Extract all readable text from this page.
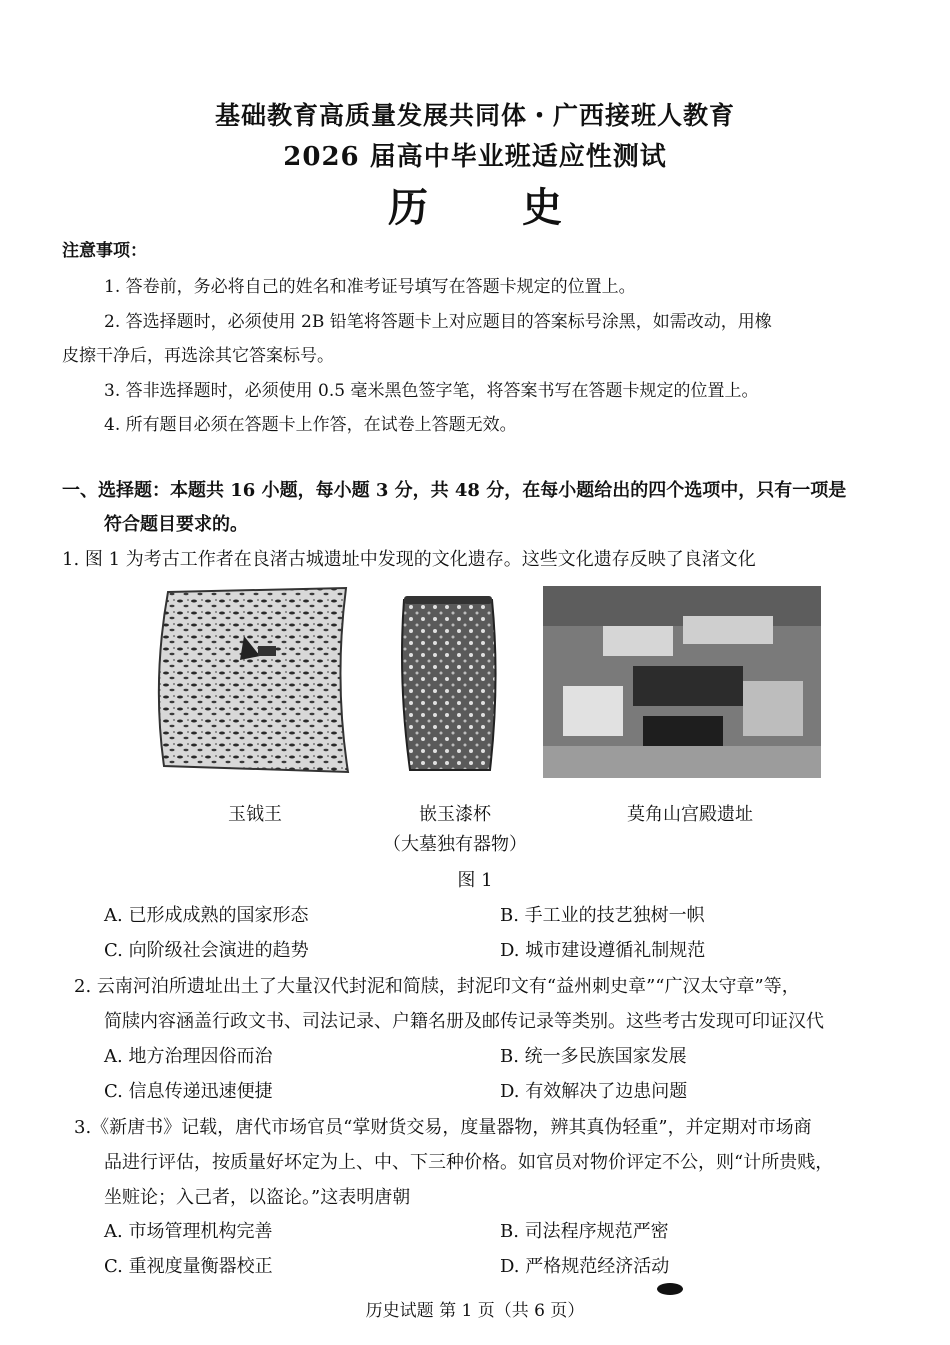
基础教育高质量发展共同体・广西接班人教育
2026 届高中毕业班适应性测试
历 史
注意事项：
1. 答卷前，务必将自己的姓名和准考证号填写在答题卡规定的位置上。
2. 答选择题时，必须使用 2B 铅笔将答题卡上对应题目的答案标号涂黑，如需改动，用橡
皮擦干净后，再选涂其它答案标号。
3. 答非选择题时，必须使用 0.5 毫米黑色签字笔，将答案书写在答题卡规定的位置上。
4. 所有题目必须在答题卡上作答，在试卷上答题无效。
一、选择题：本题共 16 小题，每小题 3 分，共 48 分，在每小题给出的四个选项中，只有一项是
符合题目要求的。
1. 图 1 为考古工作者在良渚古城遗址中发现的文化遗存。这些文化遗存反映了良渚文化
玉钺王	嵌玉漆杯
（大墓独有器物）
莫角山宫殿遗址
图 1
A. 已形成成熟的国家形态	B. 手工业的技艺独树一帜
C. 向阶级社会演进的趋势	D. 城市建设遵循礼制规范
2. 云南河泊所遗址出土了大量汉代封泥和简牍，封泥印文有“益州刺史章”“广汉太守章”等，
简牍内容涵盖行政文书、司法记录、户籍名册及邮传记录等类别。这些考古发现可印证汉代
A. 地方治理因俗而治	B. 统一多民族国家发展
C. 信息传递迅速便捷	D. 有效解决了边患问题
3.《新唐书》记载，唐代市场官员“掌财货交易，度量器物，辨其真伪轻重”，并定期对市场商
品进行评估，按质量好坏定为上、中、下三种价格。如官员对物价评定不公，则“计所贵贱，
坐赃论；入己者，以盗论。”这表明唐朝
A. 市场管理机构完善	B. 司法程序规范严密
C. 重视度量衡器校正	D. 严格规范经济活动
历史试题 第 1 页（共 6 页）
